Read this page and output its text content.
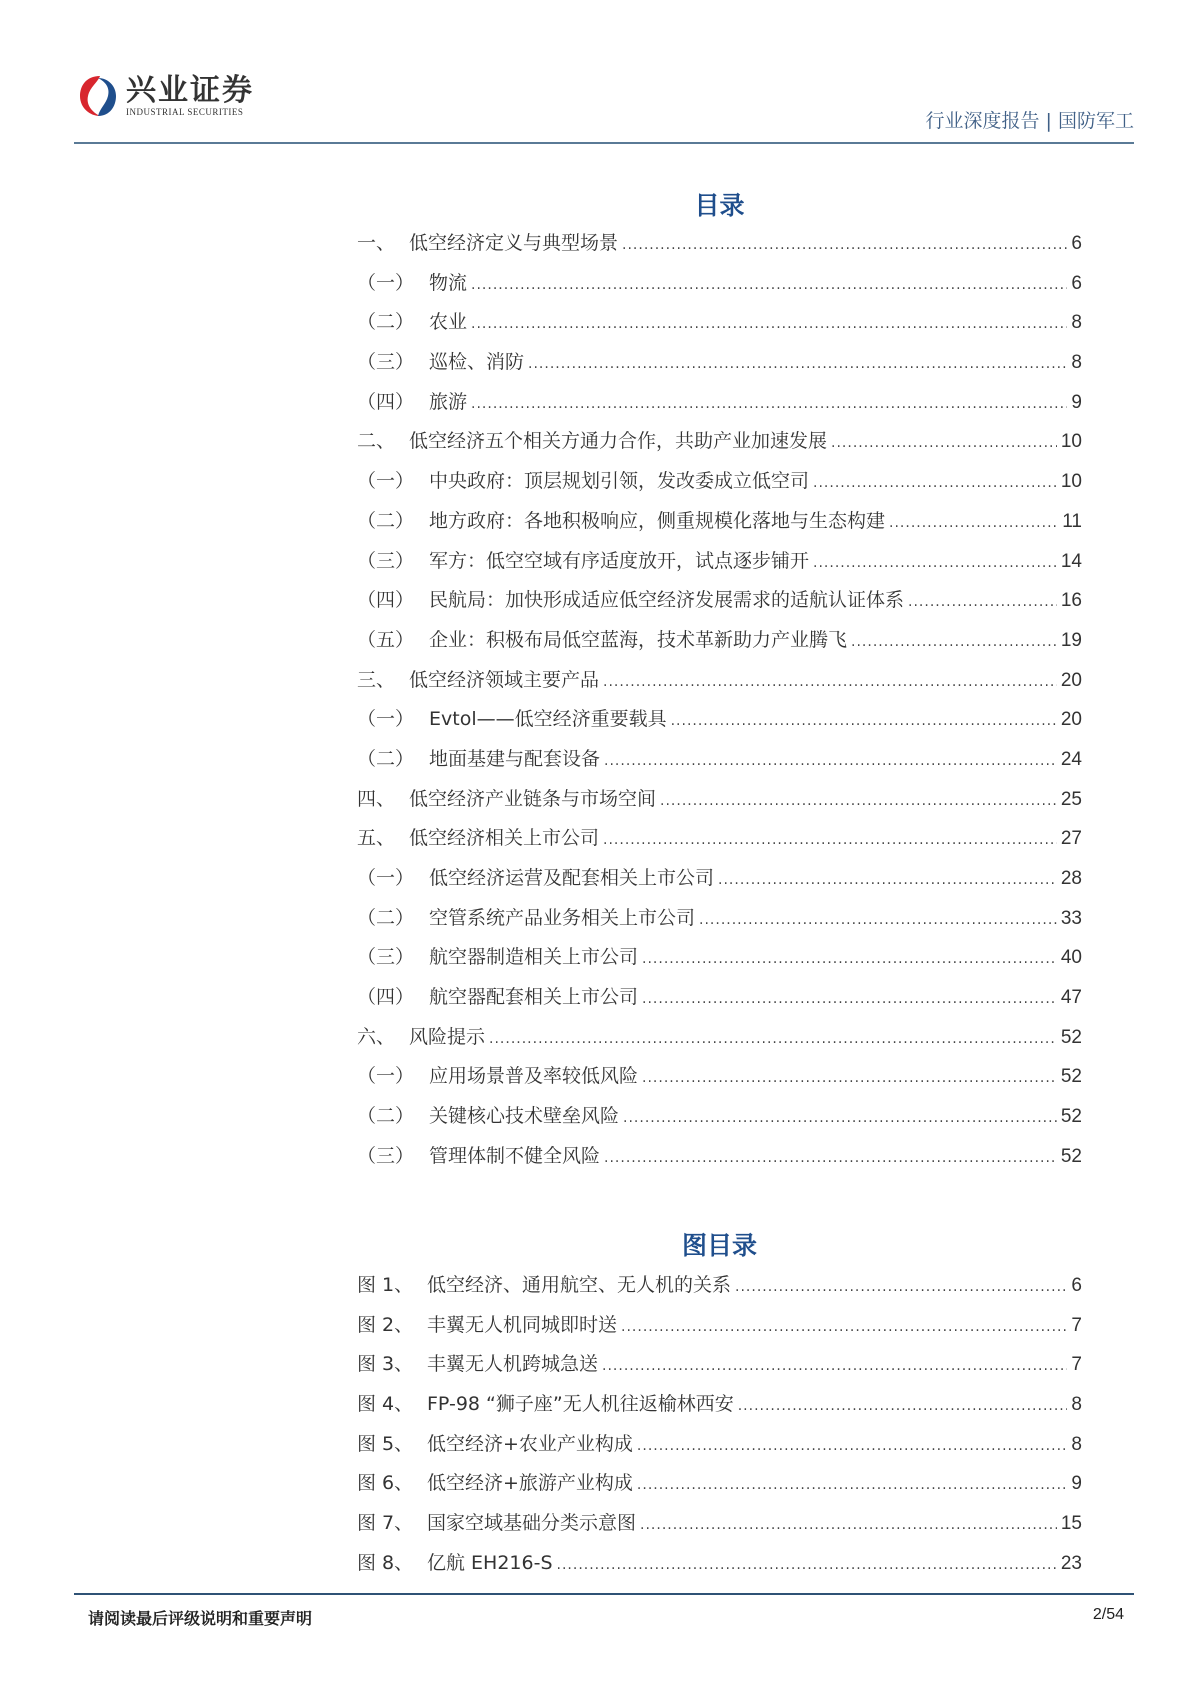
兴业证券
INDUSTRIAL SECURITIES	行业深度报告 | 国防军工
目录
一、 低空经济定义与典型场景 .....	6
（一） 物流 .....	6
（二） 农业 .....	8
（三） 巡检、消防 .....	8
（四） 旅游 .....	9
二、 低空经济五个相关方通力合作，共助产业加速发展 .....	10
（一） 中央政府：顶层规划引领，发改委成立低空司 .....	10
（二） 地方政府：各地积极响应，侧重规模化落地与生态构建 .....	11
（三） 军方：低空空域有序适度放开，试点逐步铺开 .....	14
（四） 民航局：加快形成适应低空经济发展需求的适航认证体系 .....	16
（五） 企业：积极布局低空蓝海，技术革新助力产业腾飞 .....	19
三、 低空经济领域主要产品 .....	20
（一） Evtol——低空经济重要载具 .....	20
（二） 地面基建与配套设备 .....	24
四、 低空经济产业链条与市场空间 .....	25
五、 低空经济相关上市公司 .....	27
（一） 低空经济运营及配套相关上市公司 .....	28
（二） 空管系统产品业务相关上市公司 .....	33
（三） 航空器制造相关上市公司 .....	40
（四） 航空器配套相关上市公司 .....	47
六、 风险提示 .....	52
（一） 应用场景普及率较低风险 .....	52
（二） 关键核心技术壁垒风险 .....	52
（三） 管理体制不健全风险 .....	52
图目录
图 1、 低空经济、通用航空、无人机的关系 .....	6
图 2、 丰翼无人机同城即时送 .....	7
图 3、 丰翼无人机跨城急送 .....	7
图 4、 FP-98 “狮子座”无人机往返榆林西安 .....	8
图 5、 低空经济+农业产业构成 .....	8
图 6、 低空经济+旅游产业构成 .....	9
图 7、 国家空域基础分类示意图 .....	15
图 8、 亿航 EH216-S .....	23
请阅读最后评级说明和重要声明	2/54
